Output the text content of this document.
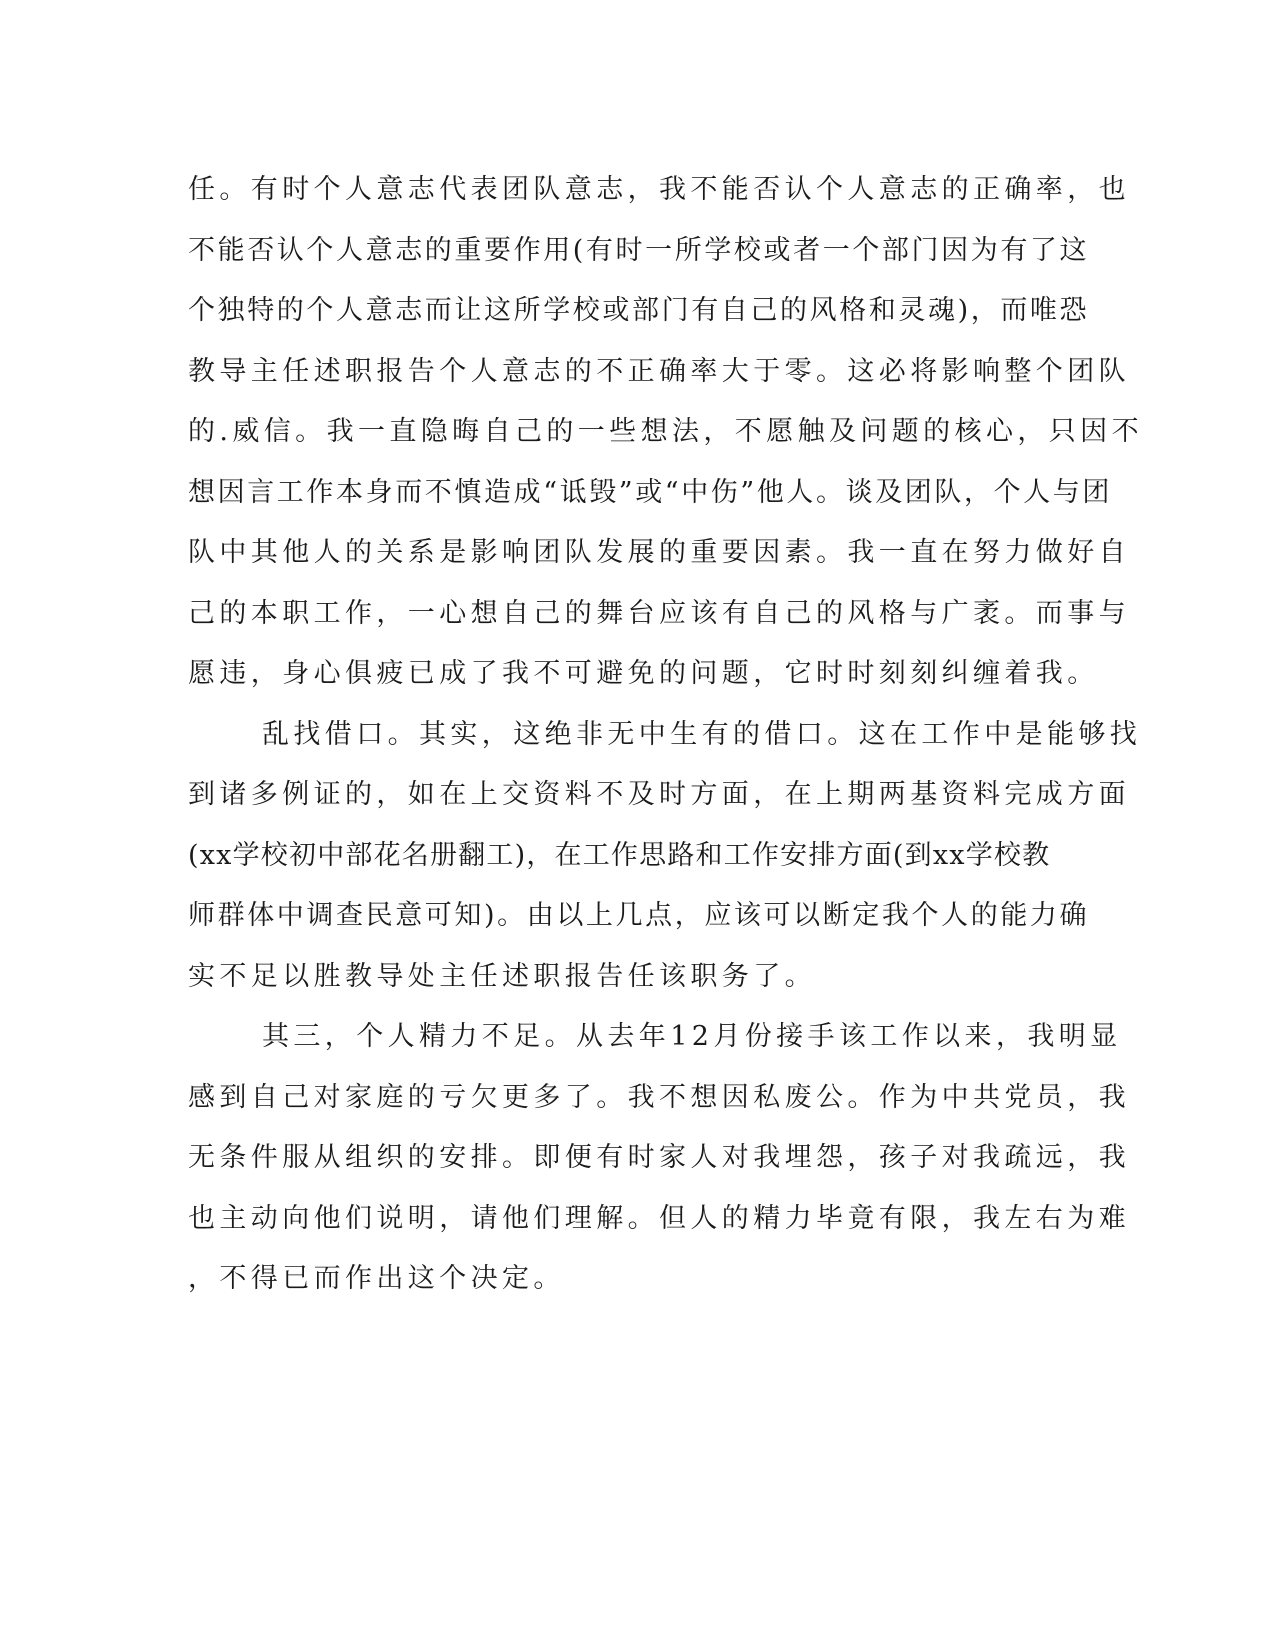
任。有时个人意志代表团队意志，我不能否认个人意志的正确率，也
不能否认个人意志的重要作用(有时一所学校或者一个部门因为有了这
个独特的个人意志而让这所学校或部门有自己的风格和灵魂)，而唯恐
教导主任述职报告个人意志的不正确率大于零。这必将影响整个团队
的.威信。我一直隐晦自己的一些想法，不愿触及问题的核心，只因不
想因言工作本身而不慎造成“诋毁”或“中伤”他人。谈及团队，个人与团
队中其他人的关系是影响团队发展的重要因素。我一直在努力做好自
己的本职工作，一心想自己的舞台应该有自己的风格与广袤。而事与
愿违，身心俱疲已成了我不可避免的问题，它时时刻刻纠缠着我。
乱找借口。其实，这绝非无中生有的借口。这在工作中是能够找
到诸多例证的，如在上交资料不及时方面，在上期两基资料完成方面
(xx学校初中部花名册翻工)，在工作思路和工作安排方面(到xx学校教
师群体中调查民意可知)。由以上几点，应该可以断定我个人的能力确
实不足以胜教导处主任述职报告任该职务了。
其三，个人精力不足。从去年12月份接手该工作以来，我明显
感到自己对家庭的亏欠更多了。我不想因私废公。作为中共党员，我
无条件服从组织的安排。即便有时家人对我埋怨，孩子对我疏远，我
也主动向他们说明，请他们理解。但人的精力毕竟有限，我左右为难
，不得已而作出这个决定。
